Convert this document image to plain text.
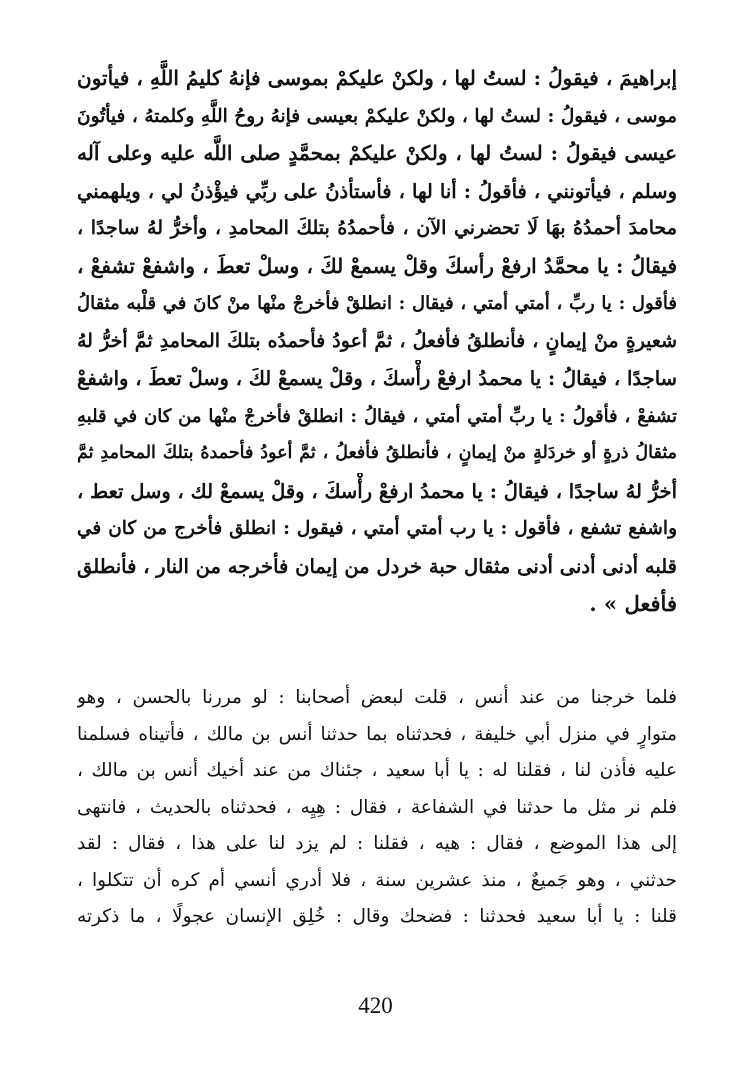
إبراهيمَ ، فيقولُ : لستُ لها ، ولكنْ عليكمْ بموسى فإنهُ كليمُ اللَّهِ ، فيأتون
موسى ، فيقولُ : لستُ لها ، ولكنْ عليكمْ بعيسى فإنهُ روحُ اللَّهِ وكلمتهُ ، فيأتُونَ
عيسى فيقولُ : لستُ لها ، ولكنْ عليكمْ بمحمَّدٍ صلى اللَّه عليه وعلى آله
وسلم ، فيأتونني ، فأقولُ : أنا لها ، فأستأذنُ على ربِّي فيؤْذنُ لي ، ويلهمني
محامدَ أحمدُهُ بهَا لَا تحضرني الآن ، فأحمدُهُ بتلكَ المحامدِ ، وأخرُّ لهُ ساجدًا ،
فيقالُ : يا محمَّدُ ارفعْ رأسكَ وقلْ يسمعْ لكَ ، وسلْ تعطَ ، واشفعْ تشفعْ ،
فأقول : يا ربِّ ، أمتي أمتي ، فيقال : انطلقْ فأخرجْ منْها منْ كانَ في قلْبه مثقالُ
شعيرةٍ منْ إيمانٍ ، فأنطلقُ فأفعلُ ، ثمَّ أعودُ فأحمدُه بتلكَ المحامدِ ثمَّ أخرُّ لهُ
ساجدًا ، فيقالُ : يا محمدُ ارفعْ رأْسكَ ، وقلْ يسمعْ لكَ ، وسلْ تعطَ ، واشفعْ
تشفعْ ، فأقولُ : يا ربِّ أمتي أمتي ، فيقالُ : انطلقْ فأخرجْ منْها من كان في قلبهِ
مثقالُ ذرةٍ أو خردَلةٍ منْ إيمانٍ ، فأنطلقُ فأفعلُ ، ثمَّ أعودُ فأحمدهُ بتلكَ المحامدِ ثمَّ
أخرُّ لهُ ساجدًا ، فيقالُ : يا محمدُ ارفعْ رأْسكَ ، وقلْ يسمعْ لك ، وسل تعط ،
واشفع تشفع ، فأقول : يا رب أمتي أمتي ، فيقول : انطلق فأخرج من كان في
قلبه أدنى أدنى أدنى مثقال حبة خردل من إيمان فأخرجه من النار ، فأنطلق
فأفعل » .
فلما خرجنا من عند أنس ، قلت لبعض أصحابنا : لو مررنا بالحسن ، وهو
متوارٍ في منزل أبي خليفة ، فحدثناه بما حدثنا أنس بن مالك ، فأتيناه فسلمنا
عليه فأذن لنا ، فقلنا له : يا أبا سعيد ، جئناك من عند أخيك أنس بن مالك ،
فلم نر مثل ما حدثنا في الشفاعة ، فقال : هِيِه ، فحدثناه بالحديث ، فانتهى
إلى هذا الموضع ، فقال : هيه ، فقلنا : لم يزد لنا على هذا ، فقال : لقد
حدثني ، وهو جَميعٌ ، منذ عشرين سنة ، فلا أدري أنسي أم كره أن تتكلوا ،
قلنا : يا أبا سعيد فحدثنا : فضحك وقال : خُلِق الإنسان عجولًا ، ما ذكرته
420
